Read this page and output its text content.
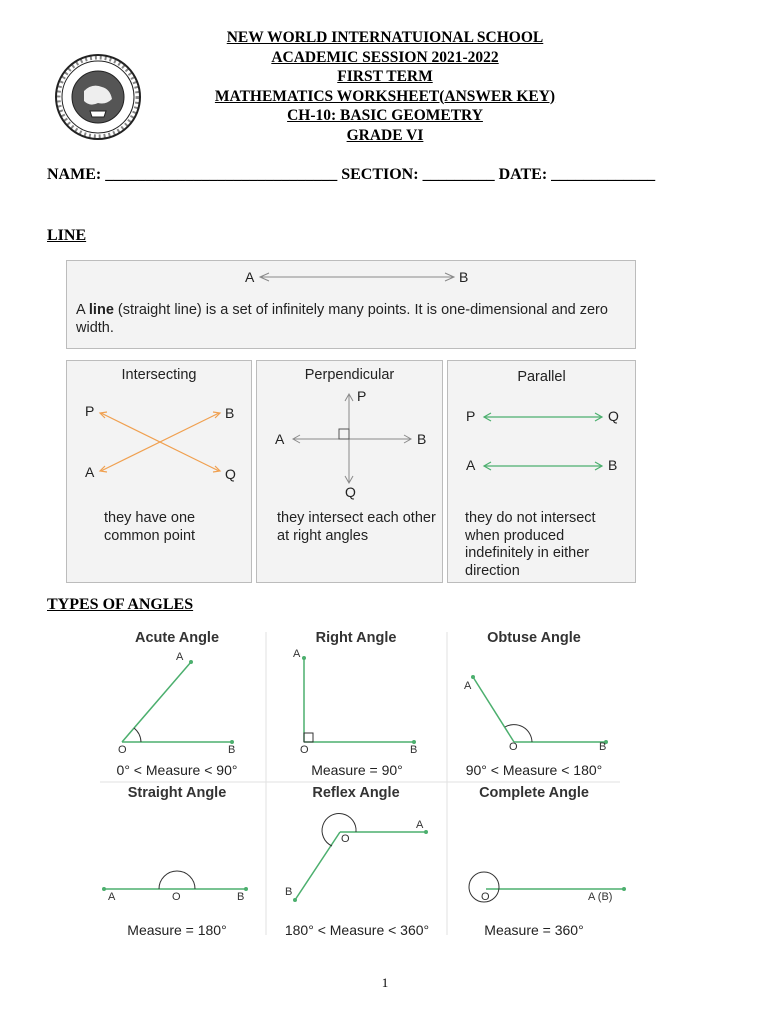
NEW WORLD INTERNATUIONAL SCHOOL
ACADEMIC SESSION 2021-2022
FIRST TERM
MATHEMATICS WORKSHEET(ANSWER KEY)
CH-10: BASIC GEOMETRY
GRADE VI
NAME: _____________________________ SECTION: _________ DATE: _____________
LINE
A	B
A line (straight line) is a set of infinitely many points. It is one-dimensional and zero width.
Intersecting
P	B
A	Q
they have one common point
Perpendicular
P
A	B
Q
they intersect each other at right angles
Parallel
P	Q
A	B
they do not intersect when produced indefinitely in either direction
TYPES OF ANGLES
Acute Angle	Right Angle	Obtuse Angle
0° < Measure < 90°	Measure = 90°	90° < Measure < 180°
Straight Angle	Reflex Angle	Complete Angle
Measure = 180°	180° < Measure < 360°	Measure = 360°
A
O	B
A
O	B
A
O	B
A	O	B
A
O
B	O	A (B)
1
